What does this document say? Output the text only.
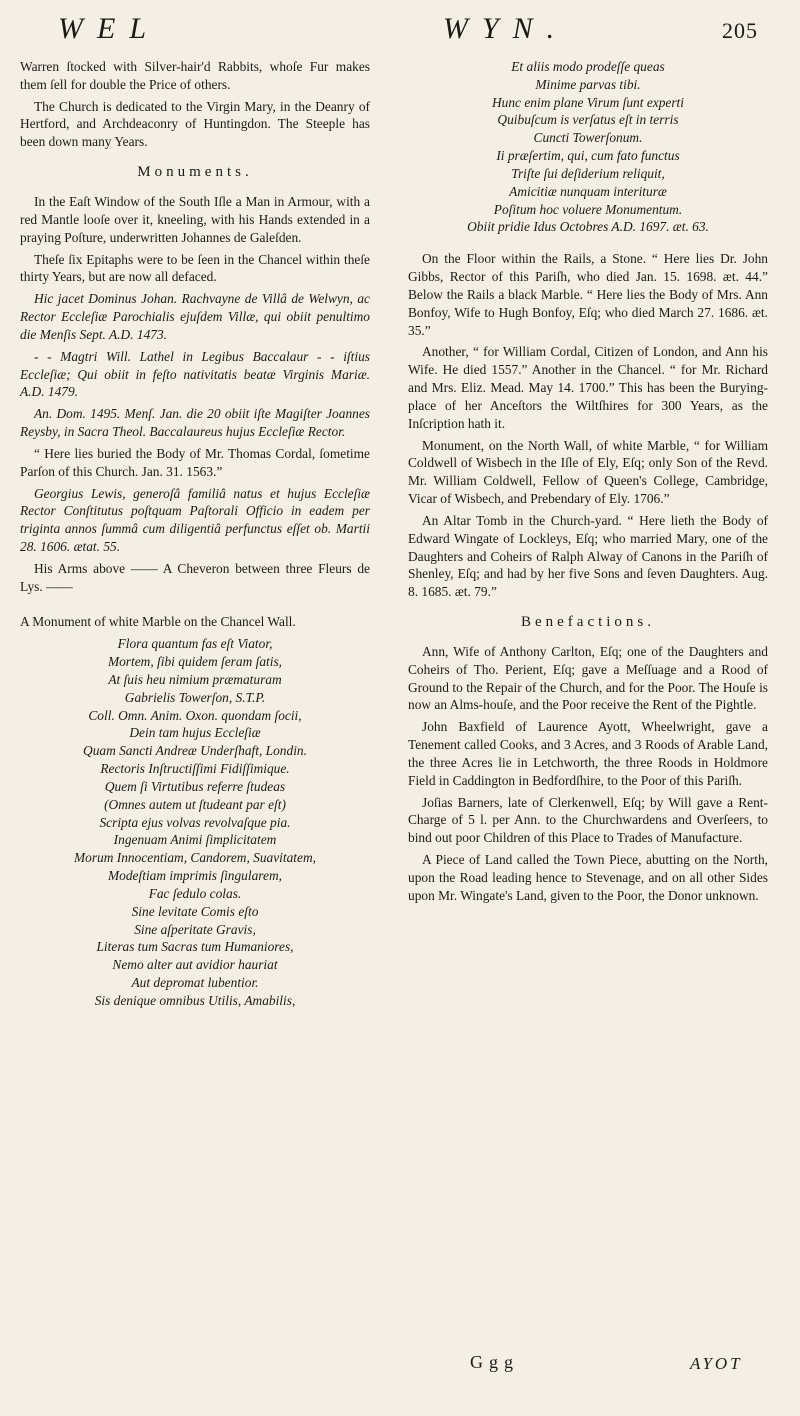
WEL	WYN.	205

Warren ſtocked with Silver-hair'd Rabbits, whoſe Fur makes them ſell for double the Price of others.

The Church is dedicated to the Virgin Mary, in the Deanry of Hertford, and Archdeaconry of Huntingdon. The Steeple has been down many Years.

Monuments.

In the Eaſt Window of the South Iſle a Man in Armour, with a red Mantle looſe over it, kneeling, with his Hands extended in a praying Poſture, underwritten Johannes de Galeſden.

Theſe ſix Epitaphs were to be ſeen in the Chancel within theſe thirty Years, but are now all defaced.

Hic jacet Dominus Johan. Rachvayne de Villâ de Welwyn, ac Rector Eccleſiæ Parochialis ejuſdem Villæ, qui obiit penultimo die Menſis Sept. A.D. 1473.

- - Magtri Will. Lathel in Legibus Baccalaur - - iſtius Eccleſiæ; Qui obiit in feſto nativitatis beatæ Virginis Mariæ. A.D. 1479.

An. Dom. 1495. Menſ. Jan. die 20 obiit iſte Magiſter Joannes Reysby, in Sacra Theol. Baccalaureus hujus Eccleſiæ Rector.

“ Here lies buried the Body of Mr. Thomas Cordal, ſometime Parſon of this Church. Jan. 31. 1563.”

Georgius Lewis, generoſâ familiâ natus et hujus Eccleſiæ Rector Conſtitutus poſtquam Paſtorali Officio in eadem per triginta annos ſummâ cum diligentiâ perfunctus eſſet ob. Martii 28. 1606. ætat. 55.

His Arms above —— A Cheveron between three Fleurs de Lys. ——

A Monument of white Marble on the Chancel Wall.

Flora quantum fas eſt Viator,
Mortem, ſibi quidem ſeram ſatis,
At ſuis heu nimium præmaturam
Gabrielis Towerſon, S.T.P.
Coll. Omn. Anim. Oxon. quondam ſocii,
Dein tam hujus Eccleſiæ
Quam Sancti Andreæ Underſhaft, Londin.
Rectoris Inſtructiſſimi Fidiſſimique.
Quem ſi Virtutibus referre ſtudeas
(Omnes autem ut ſtudeant par eſt)
Scripta ejus volvas revolvaſque pia.
Ingenuam Animi ſimplicitatem
Morum Innocentiam, Candorem, Suavitatem,
Modeſtiam imprimis ſingularem,
Fac ſedulo colas.
Sine levitate Comis eſto
Sine aſperitate Gravis,
Literas tum Sacras tum Humaniores,
Nemo alter aut avidior hauriat
Aut depromat lubentior.
Sis denique omnibus Utilis, Amabilis,
Et aliis modo prodeſſe queas
Minime parvas tibi.
Hunc enim plane Virum ſunt experti
Quibuſcum is verſatus eſt in terris
Cuncti Towerſonum.
Ii præſertim, qui, cum fato functus
Triſte ſui deſiderium reliquit,
Amicitiæ nunquam interituræ
Poſitum hoc voluere Monumentum.
Obiit pridie Idus Octobres A.D. 1697. æt. 63.

On the Floor within the Rails, a Stone. “ Here lies Dr. John Gibbs, Rector of this Pariſh, who died Jan. 15. 1698. æt. 44.” Below the Rails a black Marble. “ Here lies the Body of Mrs. Ann Bonfoy, Wife to Hugh Bonfoy, Eſq; who died March 27. 1686. æt. 35.”

Another, “ for William Cordal, Citizen of London, and Ann his Wife. He died 1557.” Another in the Chancel. “ for Mr. Richard and Mrs. Eliz. Mead. May 14. 1700.” This has been the Burying-place of her Anceſtors the Wiltſhires for 300 Years, as the Inſcription hath it.

Monument, on the North Wall, of white Marble, “ for William Coldwell of Wisbech in the Iſle of Ely, Eſq; only Son of the Revd. Mr. William Coldwell, Fellow of Queen's College, Cambridge, Vicar of Wisbech, and Prebendary of Ely. 1706.”

An Altar Tomb in the Church-yard. “ Here lieth the Body of Edward Wingate of Lockleys, Eſq; who married Mary, one of the Daughters and Coheirs of Ralph Alway of Canons in the Pariſh of Shenley, Eſq; and had by her five Sons and ſeven Daughters. Aug. 8. 1685. æt. 79.”

Benefactions.

Ann, Wife of Anthony Carlton, Eſq; one of the Daughters and Coheirs of Tho. Perient, Eſq; gave a Meſſuage and a Rood of Ground to the Repair of the Church, and for the Poor. The Houſe is now an Alms-houſe, and the Poor receive the Rent of the Pightle.

John Baxfield of Laurence Ayott, Wheelwright, gave a Tenement called Cooks, and 3 Acres, and 3 Roods of Arable Land, the three Acres lie in Letchworth, the three Roods in Holdmore Field in Caddington in Bedfordſhire, to the Poor of this Pariſh.

Joſias Barners, late of Clerkenwell, Eſq; by Will gave a Rent-Charge of 5 l. per Ann. to the Churchwardens and Overſeers, to bind out poor Children of this Place to Trades of Manufacture.

A Piece of Land called the Town Piece, abutting on the North, upon the Road leading hence to Stevenage, and on all other Sides upon Mr. Wingate's Land, given to the Poor, the Donor unknown.

Ggg	AYOT
